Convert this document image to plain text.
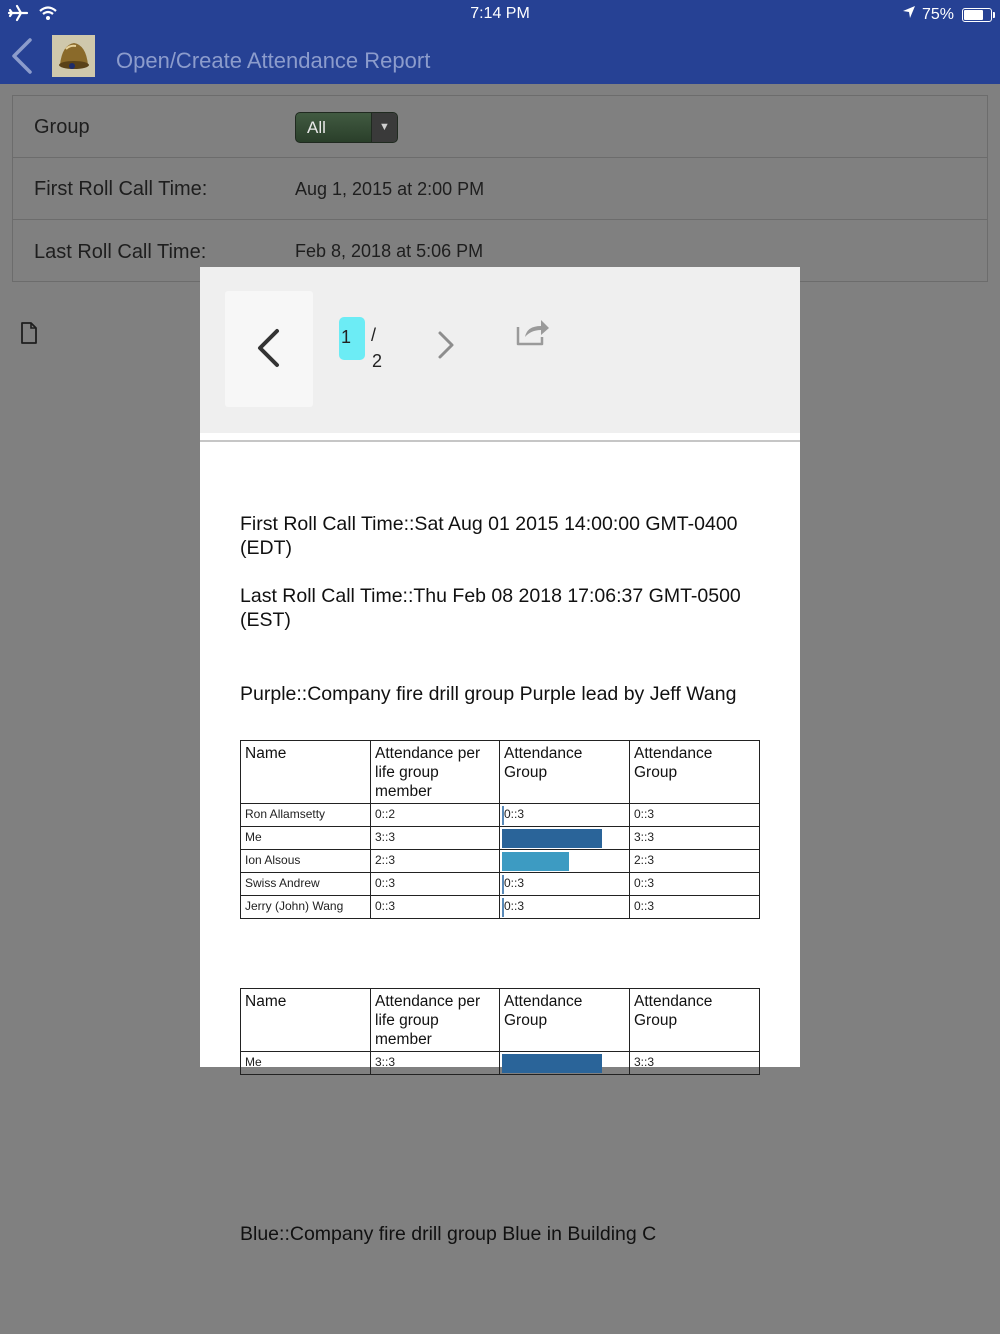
7:14 PM	75%
Open/Create Attendance Report
Group	All	▼
First Roll Call Time:	Aug 1, 2015 at 2:00 PM
Last Roll Call Time:	Feb 8, 2018 at 5:06 PM
1	/
2
First Roll Call Time::Sat Aug 01 2015 14:00:00 GMT-0400 (EDT)
Last Roll Call Time::Thu Feb 08 2018 17:06:37 GMT-0500 (EST)
Purple::Company fire drill group Purple lead by Jeff Wang
Name	Attendance per life group member	Attendance Group	Attendance Group
Ron Allamsetty	0::2	0::3	0::3
Me	3::3		3::3
Ion Alsous	2::3		2::3
Swiss Andrew	0::3	0::3	0::3
Jerry (John) Wang	0::3	0::3	0::3
Blue::Company fire drill group Blue in Building C
Name	Attendance per life group member	Attendance Group	Attendance Group
Me	3::3		3::3
